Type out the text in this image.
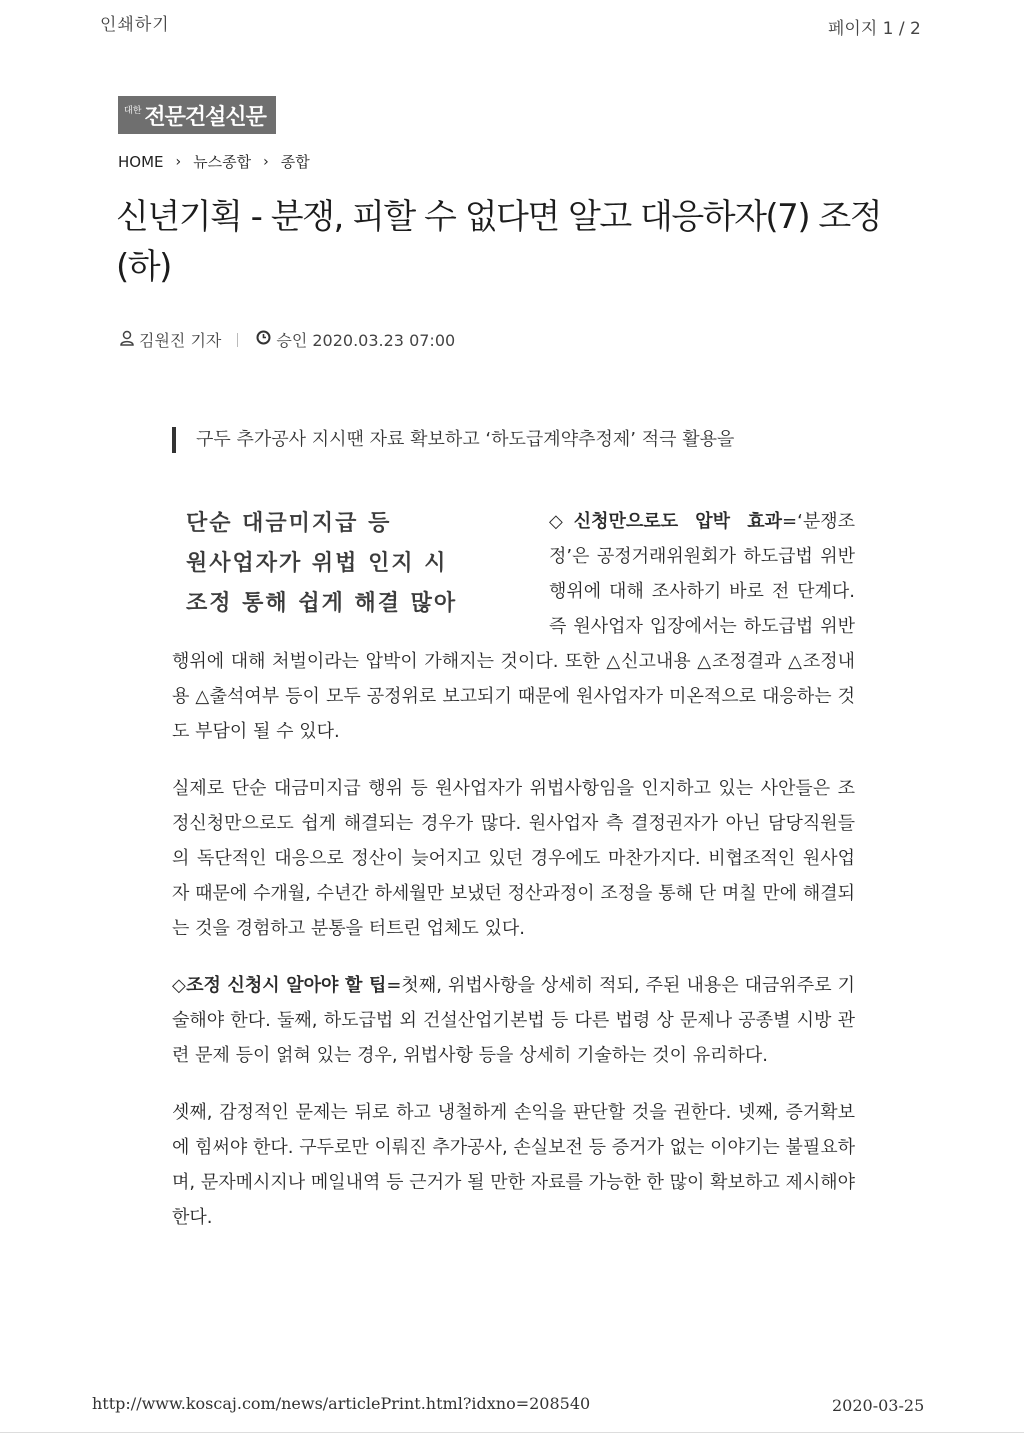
인쇄하기	페이지 1 / 2
대한 전문건설신문
HOME › 뉴스종합 › 종합
신년기획 - 분쟁, 피할 수 없다면 알고 대응하자(7) 조정 (하)
김원진 기자	승인 2020.03.23 07:00
구두 추가공사 지시땐 자료 확보하고 ‘하도급계약추정제’ 적극 활용을
단순 대금미지급 등
원사업자가 위법 인지 시
조정 통해 쉽게 해결 많아

◇신청만으로도 압박 효과=‘분쟁조정’은 공정거래위원회가 하도급법 위반 행위에 대해 조사하기 바로 전 단계다. 즉 원사업자 입장에서는 하도급법 위반 행위에 대해 처벌이라는 압박이 가해지는 것이다. 또한 △신고내용 △조정결과 △조정내용 △출석여부 등이 모두 공정위로 보고되기 때문에 원사업자가 미온적으로 대응하는 것도 부담이 될 수 있다.

실제로 단순 대금미지급 행위 등 원사업자가 위법사항임을 인지하고 있는 사안들은 조정신청만으로도 쉽게 해결되는 경우가 많다. 원사업자 측 결정권자가 아닌 담당직원들의 독단적인 대응으로 정산이 늦어지고 있던 경우에도 마찬가지다. 비협조적인 원사업자 때문에 수개월, 수년간 하세월만 보냈던 정산과정이 조정을 통해 단 며칠 만에 해결되는 것을 경험하고 분통을 터트린 업체도 있다.

◇조정 신청시 알아야 할 팁=첫째, 위법사항을 상세히 적되, 주된 내용은 대금위주로 기술해야 한다. 둘째, 하도급법 외 건설산업기본법 등 다른 법령 상 문제나 공종별 시방 관련 문제 등이 얽혀 있는 경우, 위법사항 등을 상세히 기술하는 것이 유리하다.

셋째, 감정적인 문제는 뒤로 하고 냉철하게 손익을 판단할 것을 권한다. 넷째, 증거확보에 힘써야 한다. 구두로만 이뤄진 추가공사, 손실보전 등 증거가 없는 이야기는 불필요하며, 문자메시지나 메일내역 등 근거가 될 만한 자료를 가능한 한 많이 확보하고 제시해야 한다.

http://www.koscaj.com/news/articlePrint.html?idxno=208540	2020-03-25
